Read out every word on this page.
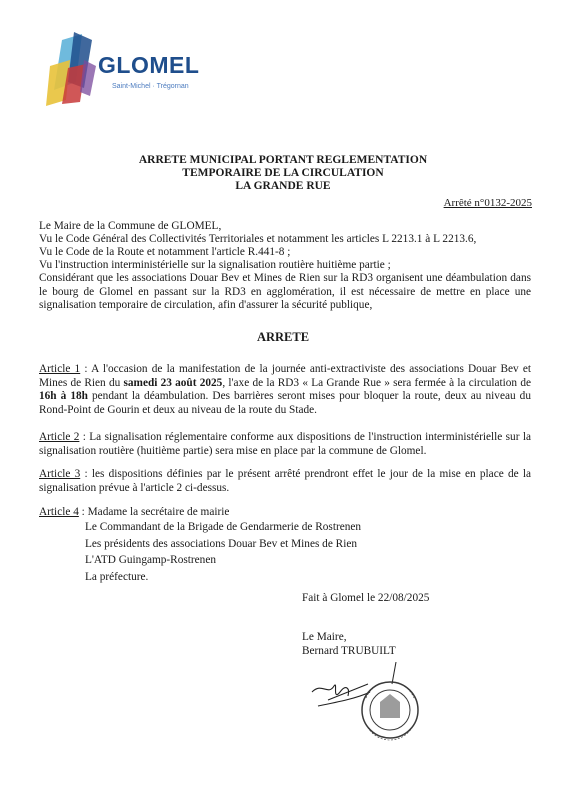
GLOMEL
Saint-Michel · Trégornan
ARRETE MUNICIPAL PORTANT REGLEMENTATION
TEMPORAIRE DE LA CIRCULATION
LA GRANDE RUE
Arrêté n°0132-2025
Le Maire de la Commune de GLOMEL,
Vu le Code Général des Collectivités Territoriales et notamment les articles L 2213.1 à L 2213.6,
Vu le Code de la Route et notamment l'article R.441-8 ;
Vu l'instruction interministérielle sur la signalisation routière huitième partie ;
Considérant que les associations Douar Bev et Mines de Rien sur la RD3 organisent une déambulation dans le bourg de Glomel en passant sur la RD3 en agglomération, il est nécessaire de mettre en place une signalisation temporaire de circulation, afin d'assurer la sécurité publique,
ARRETE
Article 1 : A l'occasion de la manifestation de la journée anti-extractiviste des associations Douar Bev et Mines de Rien du samedi 23 août 2025, l'axe de la RD3 « La Grande Rue » sera fermée à la circulation de 16h à 18h pendant la déambulation. Des barrières seront mises pour bloquer la route, deux au niveau du Rond-Point de Gourin et deux au niveau de la route du Stade.
Article 2 : La signalisation réglementaire conforme aux dispositions de l'instruction interministérielle sur la signalisation routière (huitième partie) sera mise en place par la commune de Glomel.
Article 3 : les dispositions définies par le présent arrêté prendront effet le jour de la mise en place de la signalisation prévue à l'article 2 ci-dessus.
Article 4 : Madame la secrétaire de mairie
Le Commandant de la Brigade de Gendarmerie de Rostrenen
Les présidents des associations Douar Bev et Mines de Rien
L'ATD Guingamp-Rostrenen
La préfecture.
Fait à Glomel le 22/08/2025
Le Maire,
Bernard TRUBUILT
